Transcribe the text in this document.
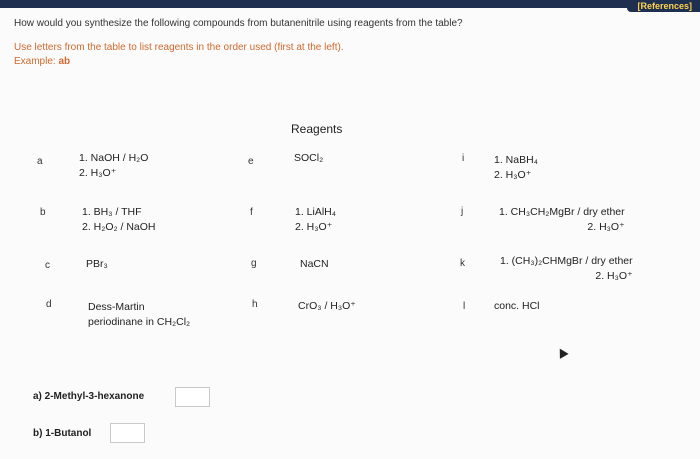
[References]
How would you synthesize the following compounds from butanenitrile using reagents from the table?
Use letters from the table to list reagents in the order used (first at the left).
Example: ab
Reagents
a	1. NaOH / H₂O
2. H₃O⁺
b	1. BH₃ / THF
2. H₂O₂ / NaOH
c	PBr₃
d	Dess-Martin
periodinane in CH₂Cl₂
e	SOCl₂
f	1. LiAlH₄
2. H₃O⁺
g	NaCN
h	CrO₃ / H₃O⁺
i	1. NaBH₄
2. H₃O⁺
j	1. CH₃CH₂MgBr / dry ether
2. H₃O⁺
k	1. (CH₃)₂CHMgBr / dry ether
2. H₃O⁺
l	conc. HCl
a) 2-Methyl-3-hexanone
b) 1-Butanol
